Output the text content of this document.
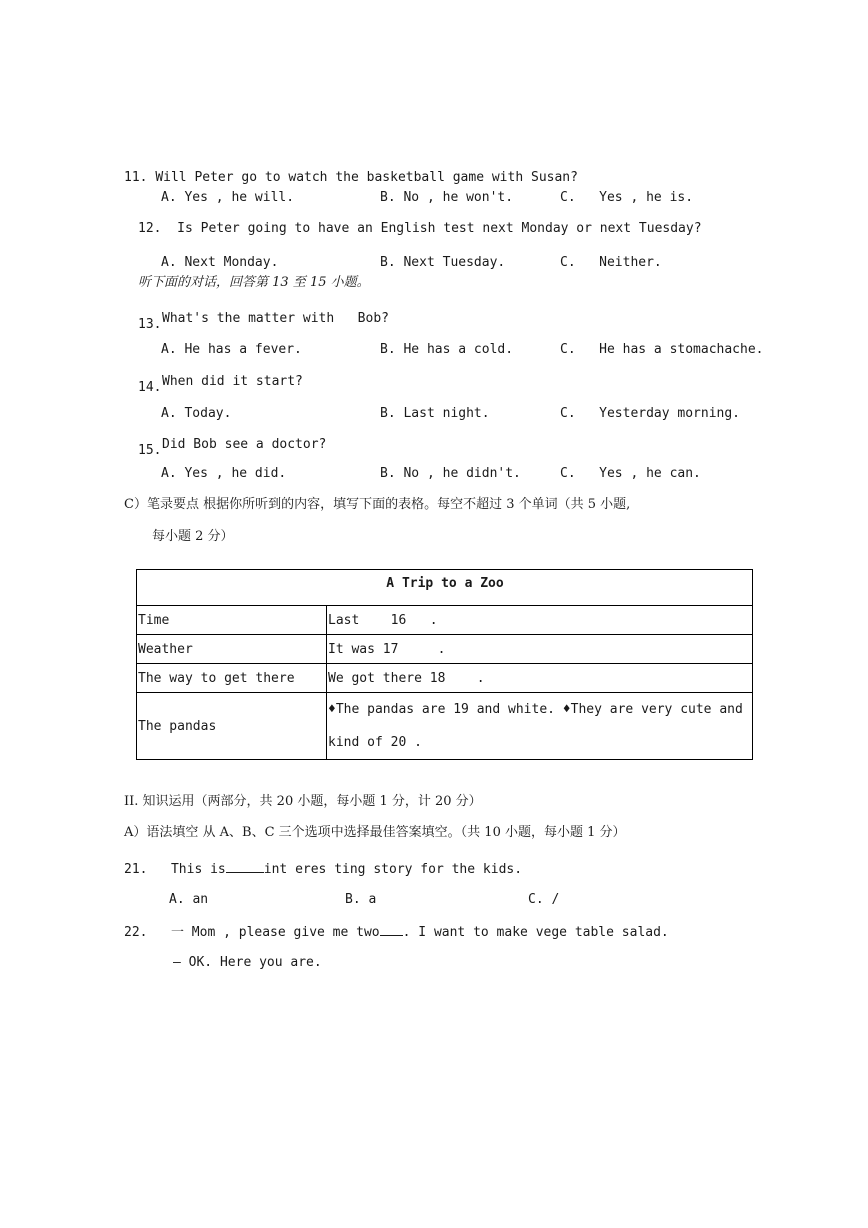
11. Will Peter go to watch the basketball game with Susan?
A. Yes , he will.	B. No , he won't.	C.   Yes , he is.
12. Is Peter going to have an English test next Monday or next Tuesday?
A. Next Monday.	B. Next Tuesday.	C.   Neither.
听下面的对话，回答第 13 至 15 小题。
13. What's the matter with   Bob?
A. He has a fever.	B. He has a cold.	C.   He has a stomachache.
14. When did it start?
A. Today.	B. Last night.	C.   Yesterday morning.
15. Did Bob see a doctor?
A. Yes , he did.	B. No , he didn't.	C.   Yes , he can.
C）笔录要点 根据你所听到的内容，填写下面的表格。每空不超过 3 个单词（共 5 小题,
每小题 2 分）
A Trip to a Zoo	
Time	Last    16   .
Weather	It was 17     .
The way to get there	We got there 18    .
The pandas	♦The pandas are 19 and white. ♦They are very cute and kind of 20 .
II. 知识运用（两部分，共 20 小题，每小题 1 分，计 20 分）
A）语法填空 从 A、B、C 三个选项中选择最佳答案填空。（共 10 小题，每小题 1 分）
21. This is	int eres ting story for the kids.
A. an	B. a	C. /
22. 一 Mom , please give me two . I want to make vege table salad.
– OK. Here you are.
